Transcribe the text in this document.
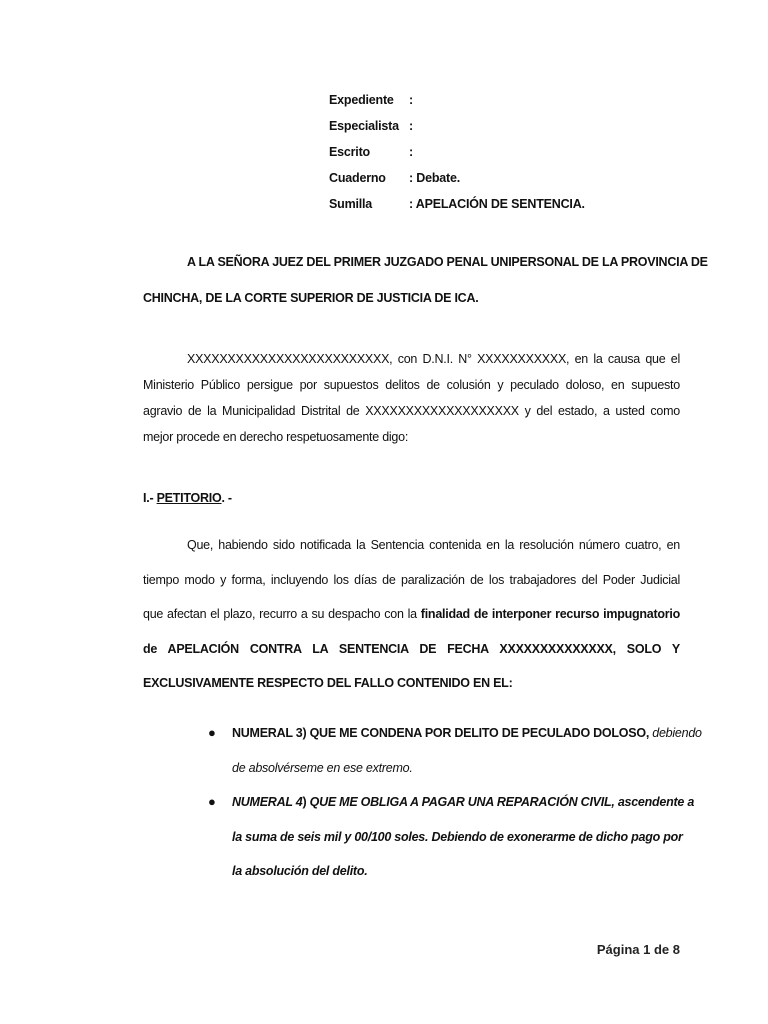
Expediente :
Especialista :
Escrito	:
Cuaderno : Debate.
Sumilla	: APELACIÓN DE SENTENCIA.
A LA SEÑORA JUEZ DEL PRIMER JUZGADO PENAL UNIPERSONAL DE LA PROVINCIA DE
CHINCHA, DE LA CORTE SUPERIOR DE JUSTICIA DE ICA.
XXXXXXXXXXXXXXXXXXXXXXXXX, con D.N.I. N° XXXXXXXXXXX, en la causa que el
Ministerio Público persigue por supuestos delitos de colusión y peculado doloso, en supuesto
agravio de la Municipalidad Distrital de XXXXXXXXXXXXXXXXXXX y del estado, a usted como
mejor procede en derecho respetuosamente digo:
I.- PETITORIO. -
Que, habiendo sido notificada la Sentencia contenida en la resolución número cuatro, en
tiempo modo y forma, incluyendo los días de paralización de los trabajadores del Poder Judicial
que afectan el plazo, recurro a su despacho con la finalidad de interponer recurso impugnatorio
de APELACIÓN CONTRA LA SENTENCIA DE FECHA XXXXXXXXXXXXXX, SOLO Y
EXCLUSIVAMENTE RESPECTO DEL FALLO CONTENIDO EN EL:
● NUMERAL 3) QUE ME CONDENA POR DELITO DE PECULADO DOLOSO, debiendo
de absolvérseme en ese extremo.
● NUMERAL 4) QUE ME OBLIGA A PAGAR UNA REPARACIÓN CIVIL, ascendente a
la suma de seis mil y 00/100 soles. Debiendo de exonerarme de dicho pago por
la absolución del delito.
Página 1 de 8
